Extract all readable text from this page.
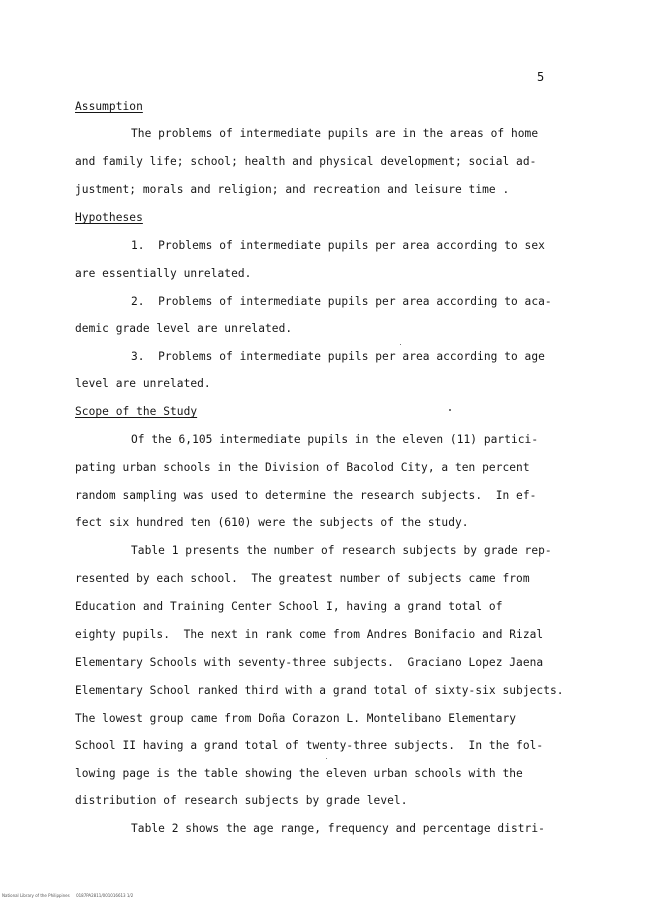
5
Assumption
The problems of intermediate pupils are in the areas of home
and family life; school; health and physical development; social ad-
justment; morals and religion; and recreation and leisure time .
Hypotheses
1.  Problems of intermediate pupils per area according to sex
are essentially unrelated.
2.  Problems of intermediate pupils per area according to aca-
demic grade level are unrelated.
3.  Problems of intermediate pupils per area according to age
level are unrelated.
Scope of the Study
Of the 6,105 intermediate pupils in the eleven (11) partici-
pating urban schools in the Division of Bacolod City, a ten percent
random sampling was used to determine the research subjects.  In ef-
fect six hundred ten (610) were the subjects of the study.
Table 1 presents the number of research subjects by grade rep-
resented by each school.  The greatest number of subjects came from
Education and Training Center School I, having a grand total of
eighty pupils.  The next in rank come from Andres Bonifacio and Rizal
Elementary Schools with seventy-three subjects.  Graciano Lopez Jaena
Elementary School ranked third with a grand total of sixty-six subjects.
The lowest group came from Doña Corazon L. Montelibano Elementary
School II having a grand total of twenty-three subjects.  In the fol-
lowing page is the table showing the eleven urban schools with the
distribution of research subjects by grade level.
Table 2 shows the age range, frequency and percentage distri-
National Library of the Philippines     0187PA2811/001016613 1/2
